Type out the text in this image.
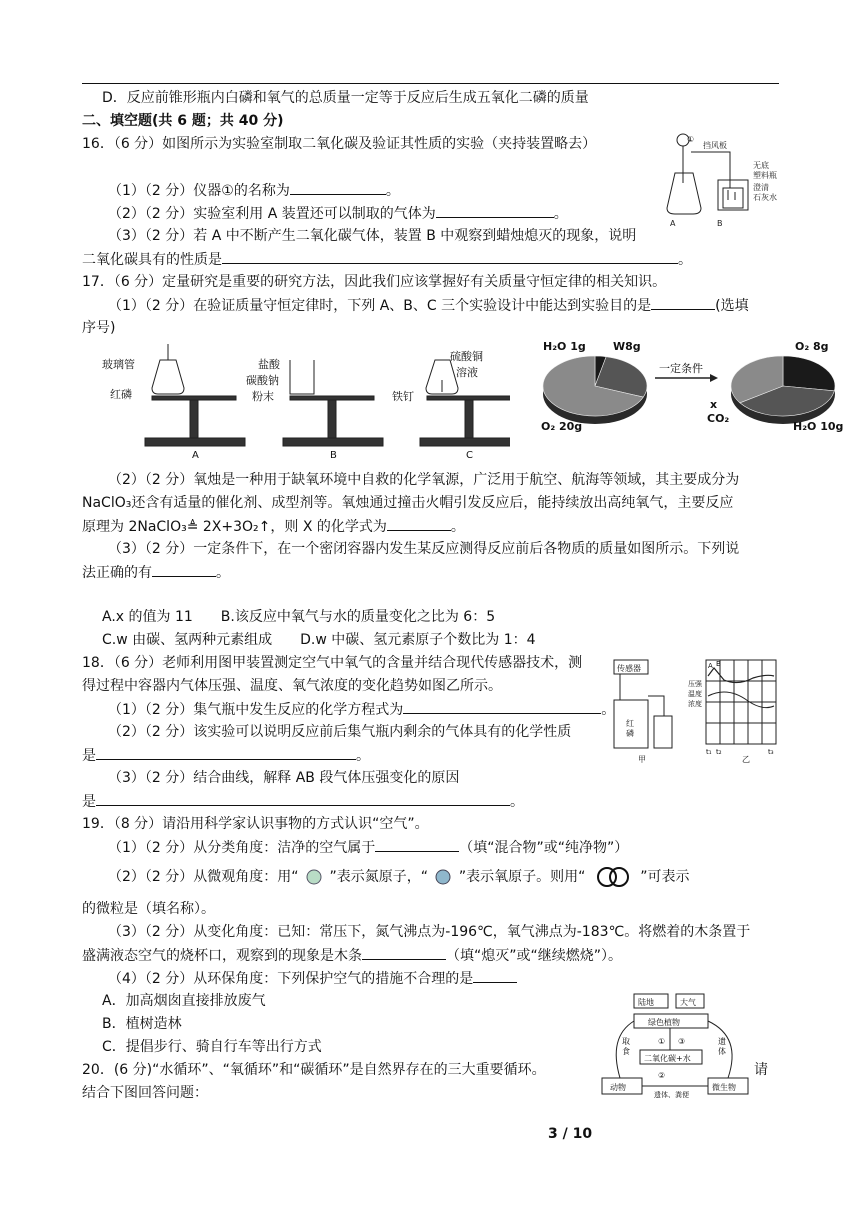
D．反应前锥形瓶内白磷和氧气的总质量一定等于反应后生成五氧化二磷的质量
二、填空题(共 6 题；共 40 分)
16．（6 分）如图所示为实验室制取二氧化碳及验证其性质的实验（夹持装置略去）
（1）（2 分）仪器①的名称为	。
（2）（2 分）实验室利用 A 装置还可以制取的气体为	。
（3）（2 分）若 A 中不断产生二氧化碳气体，装置 B 中观察到蜡烛熄灭的现象，说明
二氧化碳具有的性质是	。
A	B
①
挡风板
无底
塑料瓶
澄清
石灰水
17．（6 分）定量研究是重要的研究方法，因此我们应该掌握好有关质量守恒定律的相关知识。
（1）（2 分）在验证质量守恒定律时，下列 A、B、C 三个实验设计中能达到实验目的是	(选填
序号)
玻璃管
红磷
A
盐酸
碳酸钠
粉末
B
硫酸铜
溶液
铁钉
C
一定条件
H₂O 1g W8g
O₂ 20g
O₂ 8g
x
CO₂
H₂O 10g
（2）（2 分）氧烛是一种用于缺氧环境中自救的化学氧源，广泛用于航空、航海等领域，其主要成分为
NaClO₃还含有适量的催化剂、成型剂等。氧烛通过撞击火帽引发反应后，能持续放出高纯氧气，主要反应
原理为 2NaClO₃≜ 2X+3O₂↑，则 X 的化学式为	。
（3）（2 分）一定条件下，在一个密闭容器内发生某反应测得反应前后各物质的质量如图所示。下列说
法正确的有	。
A.x 的值为 11　　B.该反应中氧气与水的质量变化之比为 6：5
C.w 由碳、氢两种元素组成　　D.w 中碳、氢元素原子个数比为 1：4
18．（6 分）老师利用图甲装置测定空气中氧气的含量并结合现代传感器技术，测
得过程中容器内气体压强、温度、氧气浓度的变化趋势如图乙所示。
（1）（2 分）集气瓶中发生反应的化学方程式为	。
（2）（2 分）该实验可以说明反应前后集气瓶内剩余的气体具有的化学性质
是	。
（3）（2 分）结合曲线，解释 AB 段气体压强变化的原因
是	。
传感器
红
磷
甲	乙
压强
温度
浓度
A B
t₁ t₂	t₃
19．（8 分）请沿用科学家认识事物的方式认识“空气”。
（1）（2 分）从分类角度：洁净的空气属于	（填“混合物”或“纯净物”）
（2）（2 分）从微观角度：用“ ”表示氮原子，“ ”表示氧原子。则用“	”可表示
的微粒是（填名称）。
（3）（2 分）从变化角度：已知：常压下，氮气沸点为-196℃，氧气沸点为-183℃。将燃着的木条置于
盛满液态空气的烧杯口，观察到的现象是木条	（填“熄灭”或“继续燃烧”）。
（4）（2 分）从环保角度：下列保护空气的措施不合理的是
A．加高烟囱直接排放废气
B．植树造林
C．提倡步行、骑自行车等出行方式
20．(6 分)“水循环”、“氧循环”和“碳循环”是自然界存在的三大重要循环。	请
结合下图回答问题：
陆地	大气
绿色植物
二氧化碳+水
动物	微生物
取
食
遗
体
遗体、粪便
①
②
③
3 / 10
